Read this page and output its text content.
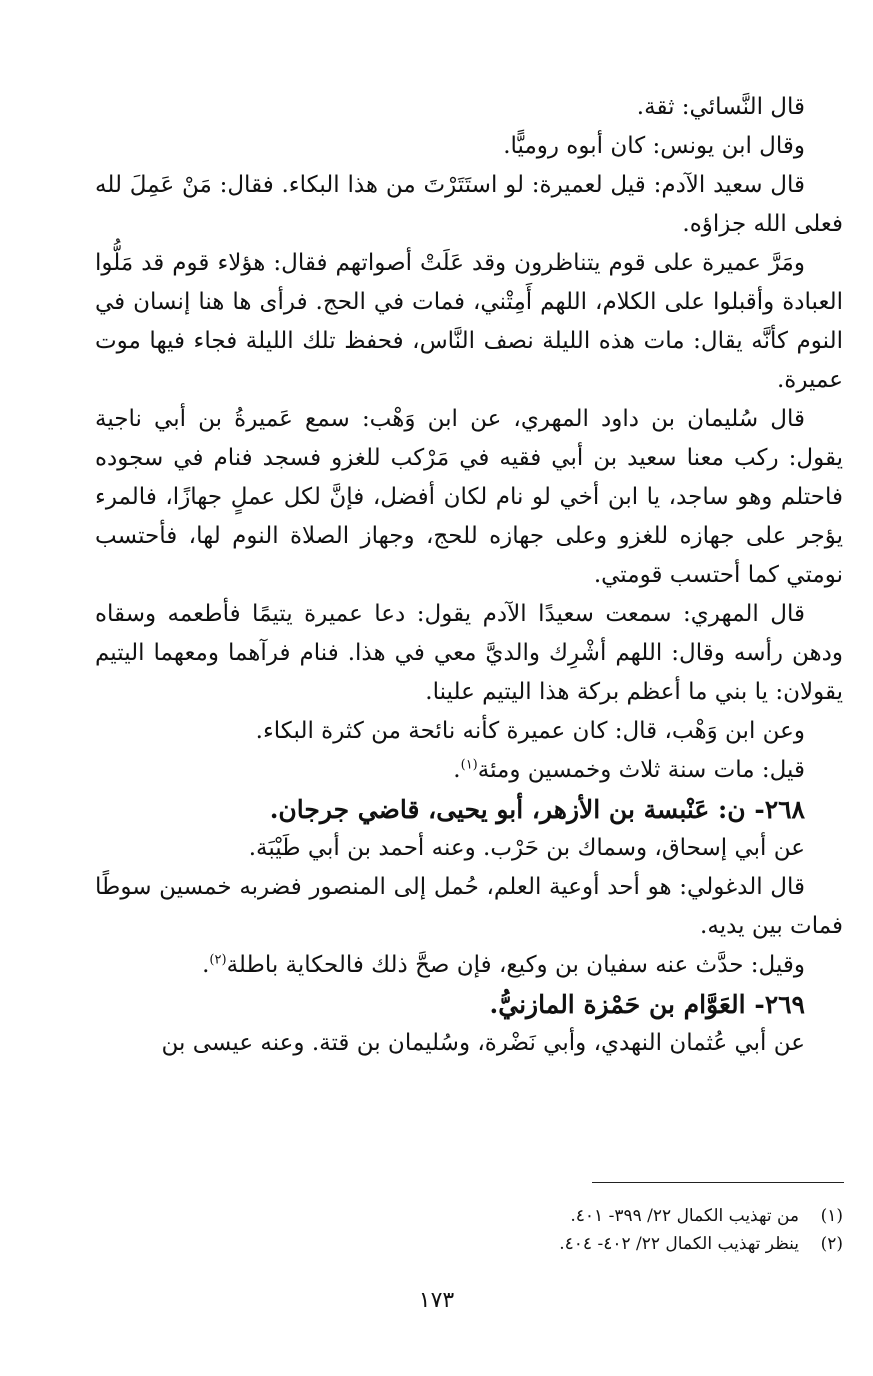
قال النَّسائي: ثقة.

وقال ابن يونس: كان أبوه روميًّا.

قال سعيد الآدم: قيل لعميرة: لو استَتَرْتَ من هذا البكاء. فقال: مَنْ عَمِلَ لله فعلى الله جزاؤه.

ومَرَّ عميرة على قوم يتناظرون وقد عَلَتْ أصواتهم فقال: هؤلاء قوم قد مَلُّوا العبادة وأقبلوا على الكلام، اللهم أَمِتْني، فمات في الحج. فرأى ها هنا إنسان في النوم كأنَّه يقال: مات هذه الليلة نصف النَّاس، فحفظ تلك الليلة فجاء فيها موت عميرة.

قال سُليمان بن داود المهري، عن ابن وَهْب: سمع عَميرةُ بن أبي ناجية يقول: ركب معنا سعيد بن أبي فقيه في مَرْكب للغزو فسجد فنام في سجوده فاحتلم وهو ساجد، يا ابن أخي لو نام لكان أفضل، فإنَّ لكل عملٍ جهازًا، فالمرء يؤجر على جهازه للغزو وعلى جهازه للحج، وجهاز الصلاة النوم لها، فأحتسب نومتي كما أحتسب قومتي.

قال المهري: سمعت سعيدًا الآدم يقول: دعا عميرة يتيمًا فأطعمه وسقاه ودهن رأسه وقال: اللهم أشْرِك والديَّ معي في هذا. فنام فرآهما ومعهما اليتيم يقولان: يا بني ما أعظم بركة هذا اليتيم علينا.

وعن ابن وَهْب، قال: كان عميرة كأنه نائحة من كثرة البكاء.

قيل: مات سنة ثلاث وخمسين ومئة$^{(١)}$.

٢٦٨- ن: عَنْبسة بن الأزهر، أبو يحيى، قاضي جرجان.

عن أبي إسحاق، وسماك بن حَرْب. وعنه أحمد بن أبي طَيْبَة.

قال الدغولي: هو أحد أوعية العلم، حُمل إلى المنصور فضربه خمسين سوطًا فمات بين يديه.

وقيل: حدَّث عنه سفيان بن وكيع، فإن صحَّ ذلك فالحكاية باطلة$^{(٢)}$.

٢٦٩- العَوَّام بن حَمْزة المازنيُّ.

عن أبي عُثمان النهدي، وأبي نَضْرة، وسُليمان بن قتة. وعنه عيسى بن

(١)من تهذيب الكمال ٢٢/ ٣٩٩- ٤٠١.

(٢)ينظر تهذيب الكمال ٢٢/ ٤٠٢- ٤٠٤.

١٧٣
